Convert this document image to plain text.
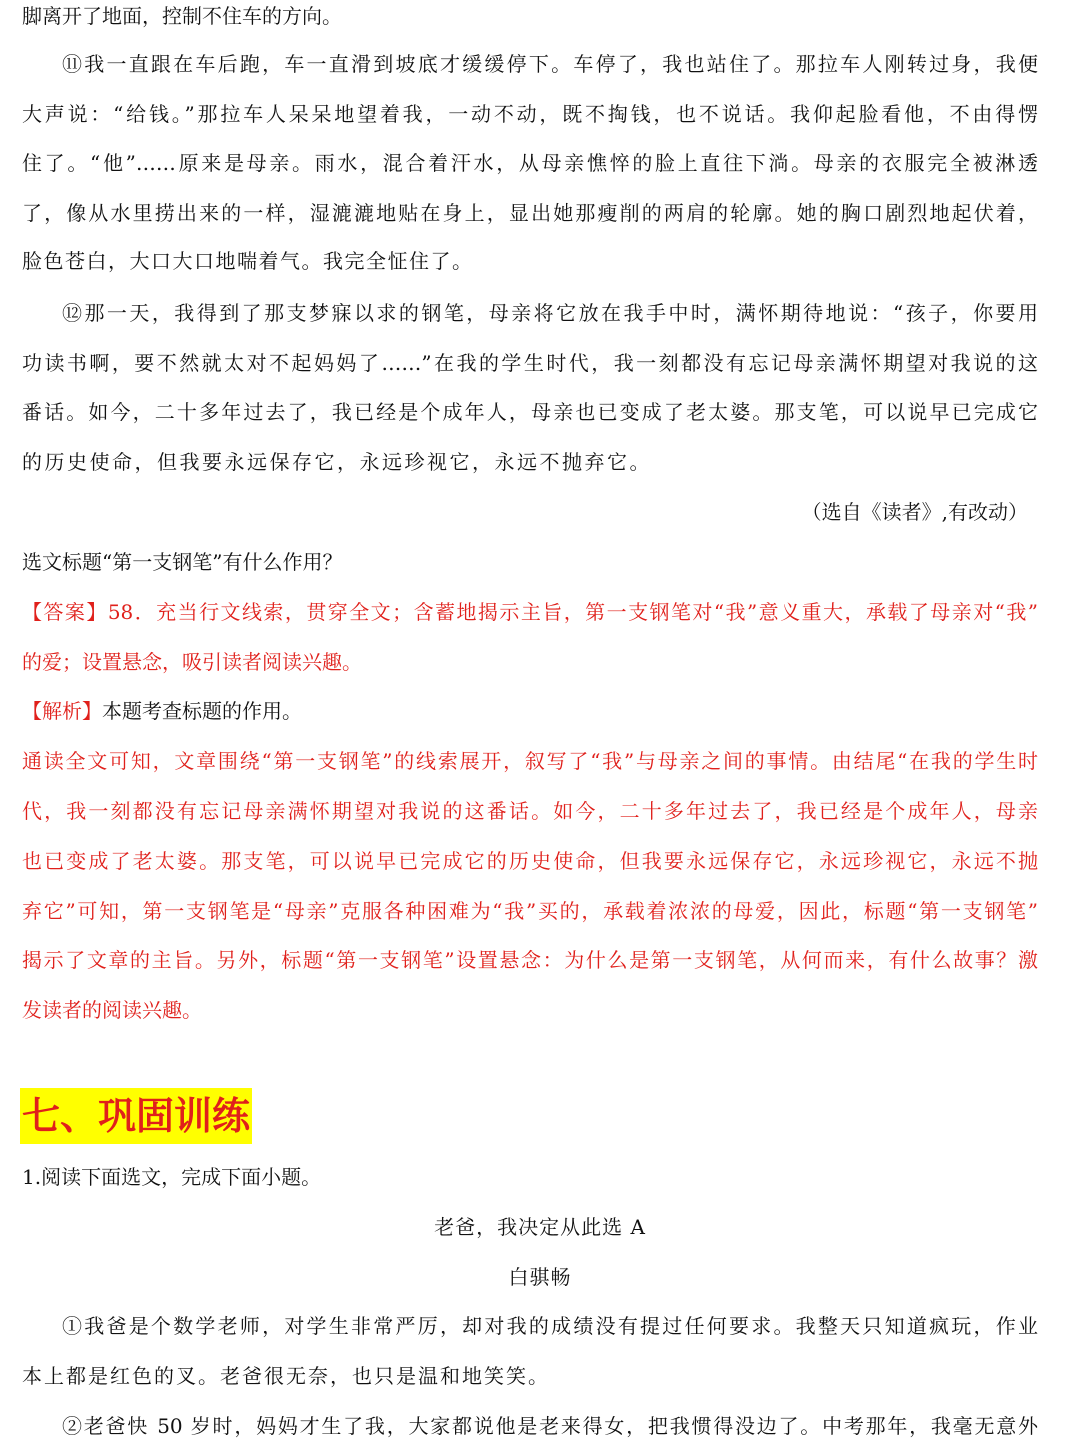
脚离开了地面，控制不住车的方向。
⑪我一直跟在车后跑，车一直滑到坡底才缓缓停下。车停了，我也站住了。那拉车人刚转过身，我便
大声说：“给钱。”那拉车人呆呆地望着我，一动不动，既不掏钱，也不说话。我仰起脸看他，不由得愣
住了。“他”……原来是母亲。雨水，混合着汗水，从母亲憔悴的脸上直往下淌。母亲的衣服完全被淋透
了，像从水里捞出来的一样，湿漉漉地贴在身上，显出她那瘦削的两肩的轮廓。她的胸口剧烈地起伏着，
脸色苍白，大口大口地喘着气。我完全怔住了。
⑫那一天，我得到了那支梦寐以求的钢笔，母亲将它放在我手中时，满怀期待地说：“孩子，你要用
功读书啊，要不然就太对不起妈妈了……”在我的学生时代，我一刻都没有忘记母亲满怀期望对我说的这
番话。如今，二十多年过去了，我已经是个成年人，母亲也已变成了老太婆。那支笔，可以说早已完成它
的历史使命，但我要永远保存它，永远珍视它，永远不抛弃它。
（选自《读者》,有改动）
选文标题“第一支钢笔”有什么作用？
【答案】58．充当行文线索，贯穿全文；含蓄地揭示主旨，第一支钢笔对“我”意义重大，承载了母亲对“我”
的爱；设置悬念，吸引读者阅读兴趣。
【解析】本题考查标题的作用。
通读全文可知，文章围绕“第一支钢笔”的线索展开，叙写了“我”与母亲之间的事情。由结尾“在我的学生时
代，我一刻都没有忘记母亲满怀期望对我说的这番话。如今，二十多年过去了，我已经是个成年人，母亲
也已变成了老太婆。那支笔，可以说早已完成它的历史使命，但我要永远保存它，永远珍视它，永远不抛
弃它”可知，第一支钢笔是“母亲”克服各种困难为“我”买的，承载着浓浓的母爱，因此，标题“第一支钢笔”
揭示了文章的主旨。另外，标题“第一支钢笔”设置悬念：为什么是第一支钢笔，从何而来，有什么故事？激
发读者的阅读兴趣。
七、巩固训练
1.阅读下面选文，完成下面小题。
老爸，我决定从此选 A
白骐畅
①我爸是个数学老师，对学生非常严厉，却对我的成绩没有提过任何要求。我整天只知道疯玩，作业
本上都是红色的叉。老爸很无奈，也只是温和地笑笑。
②老爸快 50 岁时，妈妈才生了我，大家都说他是老来得女，把我惯得没边了。中考那年，我毫无意外
